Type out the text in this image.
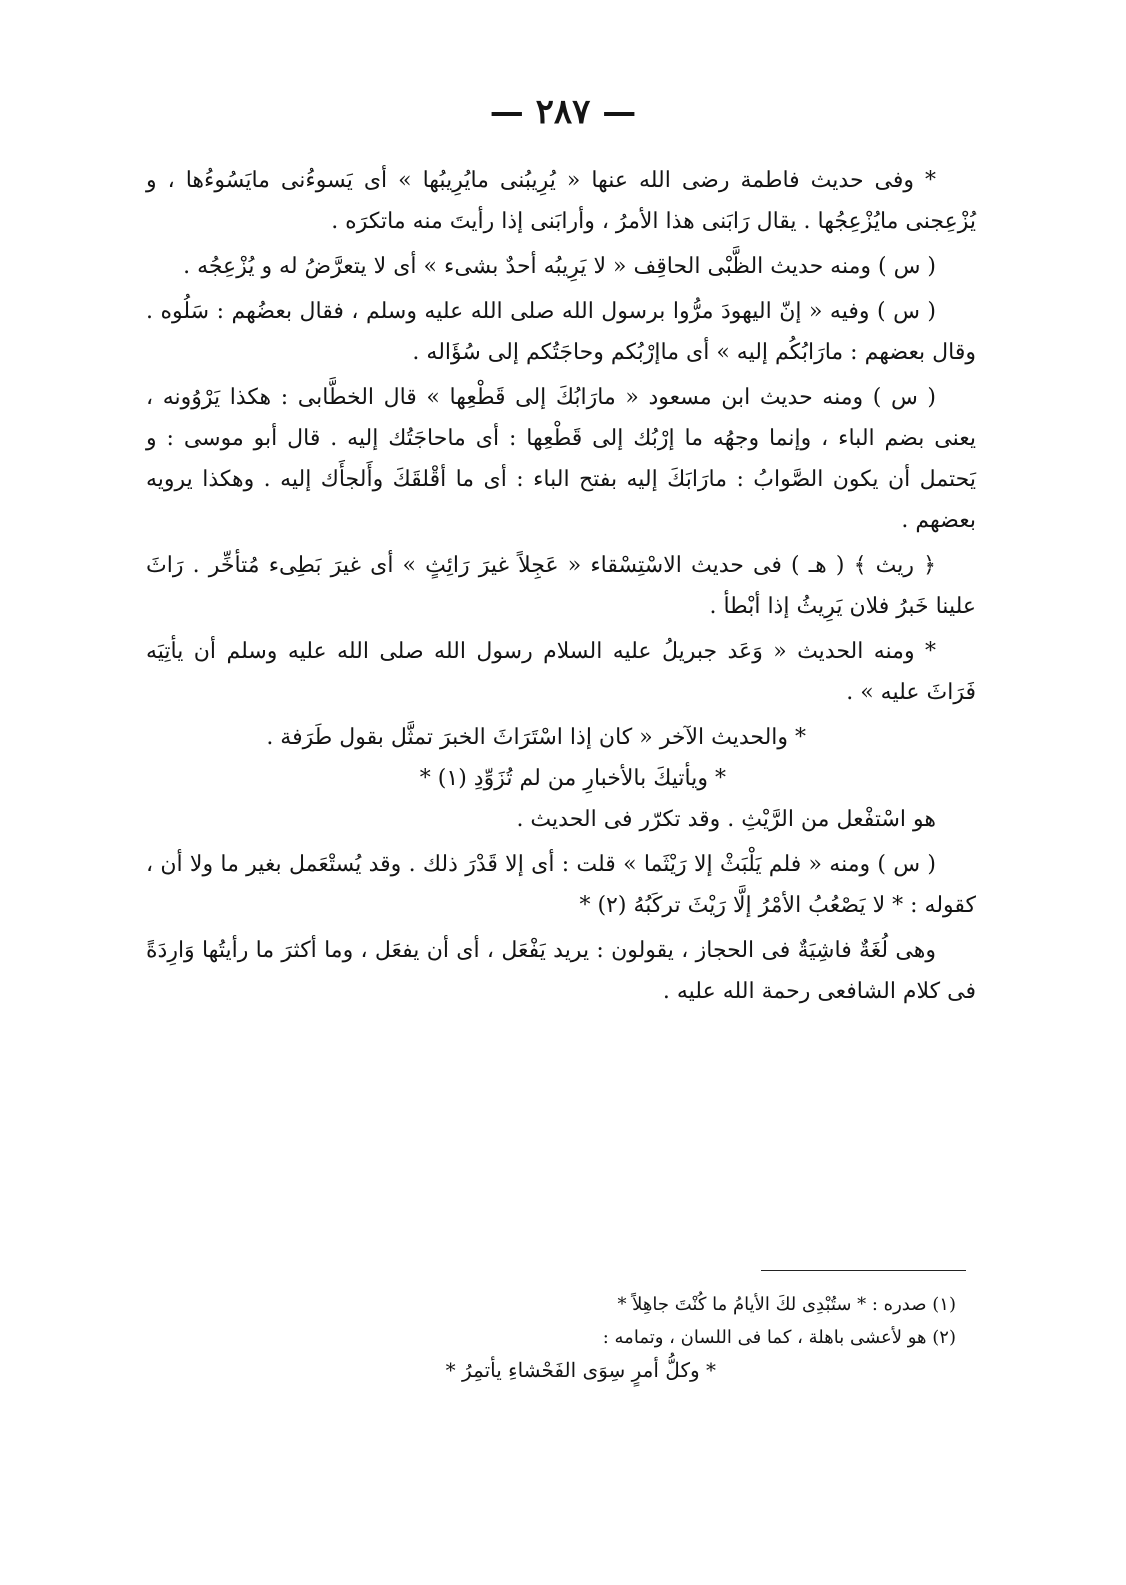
— ٢٨٧ —

* وفى حديث فاطمة رضى الله عنها « يُرِيبُنى مايُرِيبُها » أى يَسوءُنى مايَسُوءُها ، و يُزْعِجنى مايُزْعِجُها . يقال رَابَنى هذا الأمرُ ، وأرابَنى إذا رأيتَ منه ماتكرَه .

( س ) ومنه حديث الظَّبْى الحاقِف « لا يَرِيبُه أحدٌ بشىء » أى لا يتعرَّضُ له و يُزْعِجُه .

( س ) وفيه « إنّ اليهودَ مرُّوا برسول الله صلى الله عليه وسلم ، فقال بعضُهم : سَلُوه . وقال بعضهم : مارَابُكُم إليه » أى ماإرْبُكم وحاجَتُكم إلى سُؤَاله .

( س ) ومنه حديث ابن مسعود « مارَابُكَ إلى قَطْعِها » قال الخطَّابى : هكذا يَرْوُونه ، يعنى بضم الباء ، وإنما وجهُه ما إرْبُك إلى قَطْعِها : أى ماحاجَتُك إليه . قال أبو موسى : و يَحتمل أن يكون الصَّوابُ : مارَابَكَ إليه بفتح الباء : أى ما أقْلقَكَ وأَلجأَك إليه . وهكذا يرويه بعضهم .

﴿ ريث ﴾ ( هـ ) فى حديث الاسْتِسْقاء « عَجِلاً غيرَ رَائِثٍ » أى غيرَ بَطِىء مُتأخِّر . رَاثَ علينا خَبرُ فلان يَرِيثُ إذا أبْطأ .

* ومنه الحديث « وَعَد جبريلُ عليه السلام رسول الله صلى الله عليه وسلم أن يأتِيَه فَرَاثَ عليه » .

* والحديث الآخر « كان إذا اسْتَرَاثَ الخبرَ تمثَّل بقول طَرَفة .

* ويأتيكَ بالأخبارِ من لم تُزَوِّدِ (١) *

هو اسْتفْعل من الرَّيْثِ . وقد تكرّر فى الحديث .

( س ) ومنه « فلم يَلْبَثْ إلا رَيْثَما » قلت : أى إلا قَدْرَ ذلك . وقد يُستْعَمل بغير ما ولا أن ، كقوله : * لا يَصْعُبُ الأمْرُ إلَّا رَيْثَ تركَبُهُ (٢) *

وهى لُغَةٌ فاشِيَةٌ فى الحجاز ، يقولون : يريد يَفْعَل ، أى أن يفعَل ، وما أكثرَ ما رأيتُها وَارِدَةً فى كلام الشافعى رحمة الله عليه .

(١) صدره : * ستُبْدِى لكَ الأيامُ ما كُنْتَ جاهِلاً *

(٢) هو لأعشى باهلة ، كما فى اللسان ، وتمامه :

* وكلُّ أمرٍ سِوَى الفَحْشاءِ يأتمِرُ *
